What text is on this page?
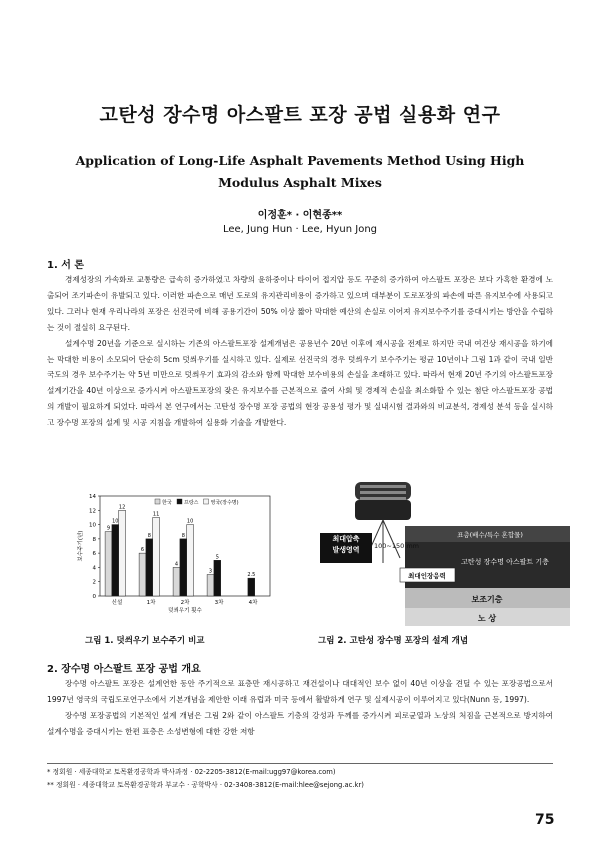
고탄성 장수명 아스팔트 포장 공법 실용화 연구
Application of Long-Life Asphalt Pavements Method Using High
Modulus Asphalt Mixes
이정훈* · 이현종**
Lee, Jung Hun · Lee, Hyun Jong
1. 서 론

경제성장의 가속화로 교통량은 급속히 증가하였고 차량의 윤하중이나 타이어 접지압 등도 꾸준히 증가하여 아스팔트 포장은 보다 가혹한 환경에 노출되어 조기파손이 유발되고 있다. 이러한 파손으로 매년 도로의 유지관리비용이 증가하고 있으며 대부분이 도로포장의 파손에 따른 유지보수에 사용되고 있다. 그러나 현재 우리나라의 포장은 선진국에 비해 공용기간이 50% 이상 짧아 막대한 예산의 손실로 이어져 유지보수주기를 증대시키는 방안을 수립하는 것이 절실히 요구된다.

설계수명 20년을 기준으로 실시하는 기존의 아스팔트포장 설계개념은 공용년수 20년 이후에 재시공을 전제로 하지만 국내 여건상 재시공을 하기에는 막대한 비용이 소모되어 단순히 5cm 덧씌우기를 실시하고 있다. 실제로 선진국의 경우 덧씌우기 보수주기는 평균 10년이나 그림 1과 같이 국내 일반국도의 경우 보수주기는 약 5년 미만으로 덧씌우기 효과의 감소와 함께 막대한 보수비용의 손실을 초래하고 있다. 따라서 현재 20년 주기의 아스팔트포장 설계기간을 40년 이상으로 증가시켜 아스팔트포장의 잦은 유지보수를 근본적으로 줄여 사회 및 경제적 손실을 최소화할 수 있는 첨단 아스팔트포장 공법의 개발이 필요하게 되었다. 따라서 본 연구에서는 고탄성 장수명 포장 공법의 현장 공용성 평가 및 실내시험 결과와의 비교분석, 경제성 분석 등을 실시하고 장수명 포장의 설계 및 시공 지침을 개발하여 실용화 기술을 개발한다.

0
2
4
6
8
10
12
14
보수주기(년)
덧씌우기 횟수
한국 프랑스 영국(장수명)
신설	1차	2차	3차	4차
9
10
12
6
8
11
4
8
10
3
5
2.5
그림 1. 덧씌우기 보수주기 비교
최대압축
발생영역 100~150 mm
표층(배수/특수 혼합물)
고탄성 장수명 아스팔트 기층
최대인장응력
보조기층
노 상
그림 2. 고탄성 장수명 포장의 설계 개념
2. 장수명 아스팔트 포장 공법 개요

장수명 아스팔트 포장은 설계연한 동안 주기적으로 표층만 재시공하고 재건설이나 대대적인 보수 없이 40년 이상을 견딜 수 있는 포장공법으로서 1997년 영국의 국립도로연구소에서 기본개념을 제안한 이래 유럽과 미국 등에서 활발하게 연구 및 실제시공이 이루어지고 있다(Nunn 등, 1997).

장수명 포장공법의 기본적인 설계 개념은 그림 2와 같이 아스팔트 기층의 강성과 두께를 증가시켜 피로균열과 노상의 처짐을 근본적으로 방지하여 설계수명을 증대시키는 한편 표층은 소성변형에 대한 강한 저항

* 정회원 · 세종대학교 토목환경공학과 박사과정 · 02-2205-3812(E-mail:ugg97@korea.com)
** 정회원 · 세종대학교 토목환경공학과 부교수 · 공학박사 · 02-3408-3812(E-mail:hlee@sejong.ac.kr)
75
